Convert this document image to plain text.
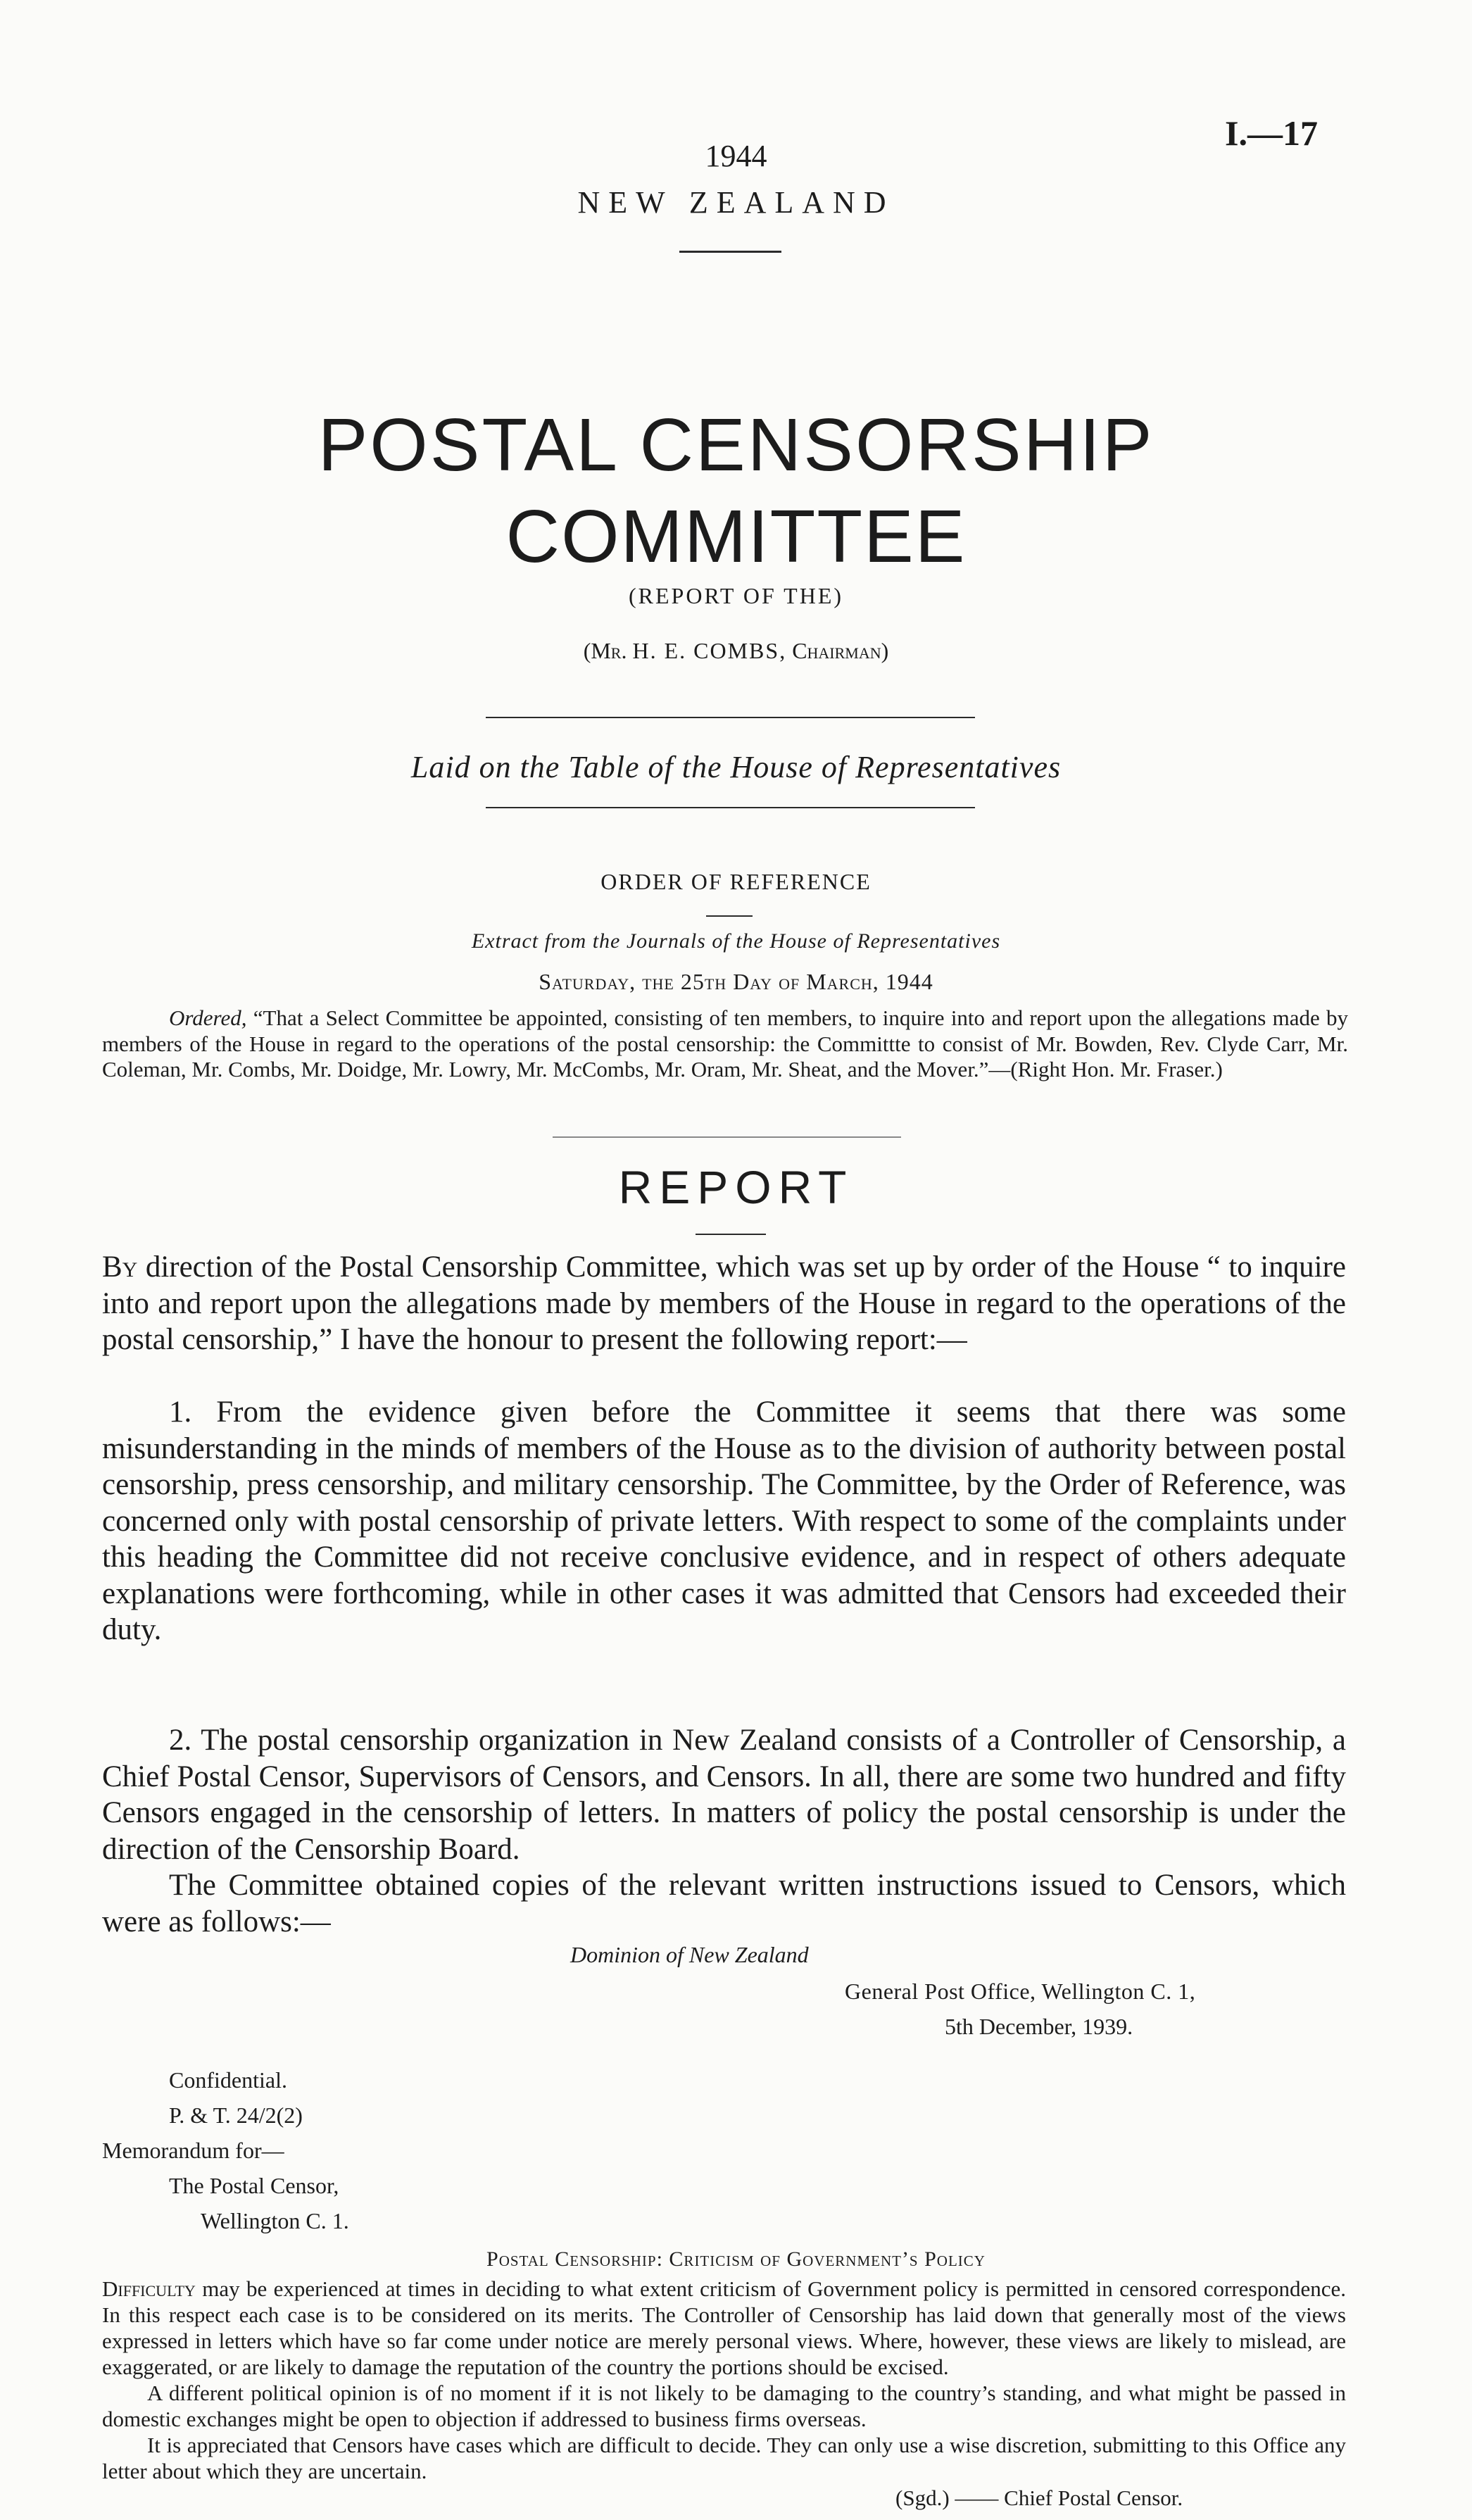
I.—17
1944
NEW ZEALAND
POSTAL CENSORSHIP
COMMITTEE
(REPORT OF THE)
(Mr. H. E. COMBS, Chairman)
Laid on the Table of the House of Representatives
ORDER OF REFERENCE
Extract from the Journals of the House of Representatives
Saturday, the 25th Day of March, 1944

Ordered, “That a Select Committee be appointed, consisting of ten members, to inquire into and report upon the allegations made by members of the House in regard to the operations of the postal censorship: the Committte to consist of Mr. Bowden, Rev. Clyde Carr, Mr. Coleman, Mr. Combs, Mr. Doidge, Mr. Lowry, Mr. McCombs, Mr. Oram, Mr. Sheat, and the Mover.”—(Right Hon. Mr. Fraser.)

REPORT

By direction of the Postal Censorship Committee, which was set up by order of the House “ to inquire into and report upon the allegations made by members of the House in regard to the operations of the postal censorship,” I have the honour to present the following report:—

1. From the evidence given before the Committee it seems that there was some misunderstanding in the minds of members of the House as to the division of authority between postal censorship, press censorship, and military censorship. The Committee, by the Order of Reference, was concerned only with postal censorship of private letters. With respect to some of the complaints under this heading the Committee did not receive conclusive evidence, and in respect of others adequate explanations were forthcoming, while in other cases it was admitted that Censors had exceeded their duty.

2. The postal censorship organization in New Zealand consists of a Controller of Censorship, a Chief Postal Censor, Supervisors of Censors, and Censors. In all, there are some two hundred and fifty Censors engaged in the censorship of letters. In matters of policy the postal censorship is under the direction of the Censorship Board.

The Committee obtained copies of the relevant written instructions issued to Censors, which were as follows:—

Dominion of New Zealand
General Post Office, Wellington C. 1,
5th December, 1939.
Confidential.
P. & T. 24/2(2)
Memorandum for—
The Postal Censor,
Wellington C. 1.
Postal Censorship: Criticism of Government’s Policy

Difficulty may be experienced at times in deciding to what extent criticism of Government policy is permitted in censored correspondence. In this respect each case is to be considered on its merits. The Controller of Censorship has laid down that generally most of the views expressed in letters which have so far come under notice are merely personal views. Where, however, these views are likely to mislead, are exaggerated, or are likely to damage the reputation of the country the portions should be excised.

A different political opinion is of no moment if it is not likely to be damaging to the country’s standing, and what might be passed in domestic exchanges might be open to objection if addressed to business firms overseas.

It is appreciated that Censors have cases which are difficult to decide. They can only use a wise discretion, submitting to this Office any letter about which they are uncertain.

(Sgd.) —— Chief Postal Censor.
